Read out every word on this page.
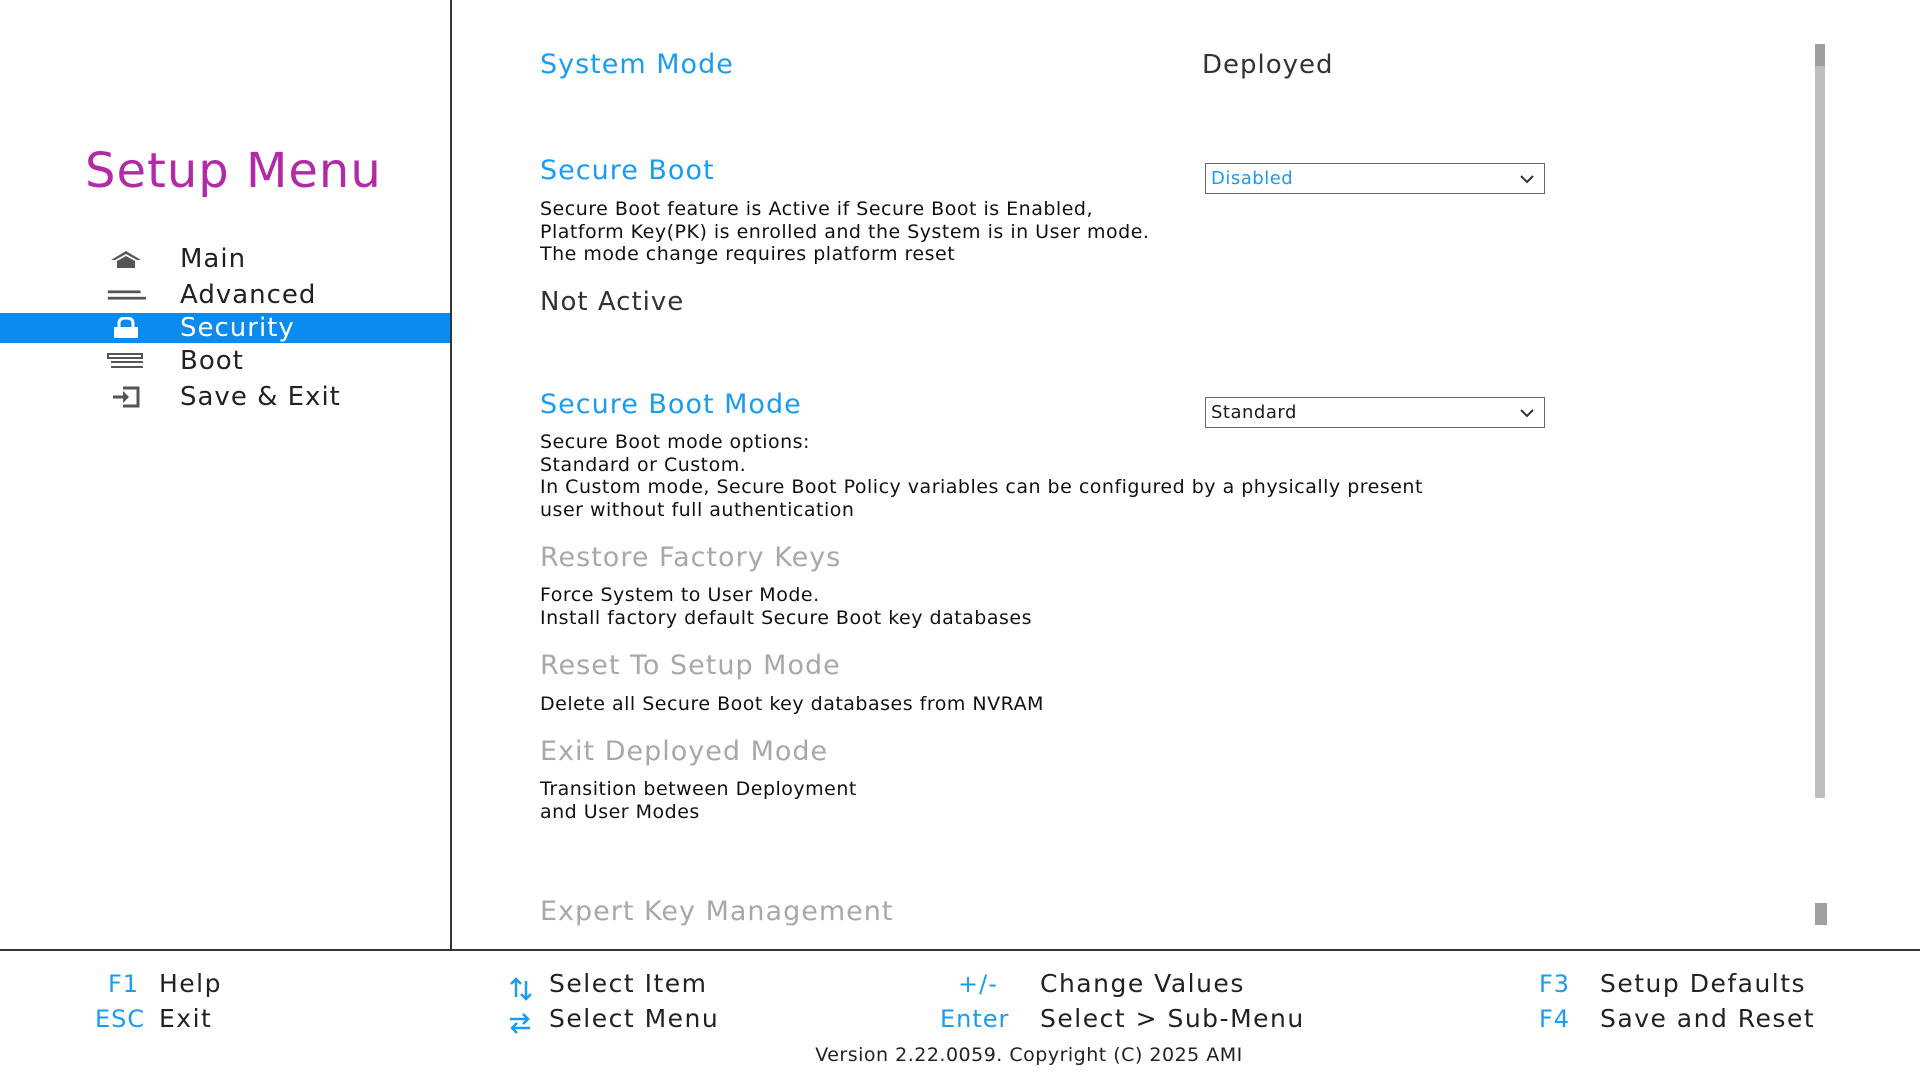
Setup Menu
Main
Advanced
Security
Boot
Save & Exit
System Mode	Deployed
Secure Boot	Disabled
Secure Boot feature is Active if Secure Boot is Enabled,
Platform Key(PK) is enrolled and the System is in User mode.
The mode change requires platform reset
Not Active
Secure Boot Mode	Standard
Secure Boot mode options:
Standard or Custom.
In Custom mode, Secure Boot Policy variables can be configured by a physically present
user without full authentication
Restore Factory Keys
Force System to User Mode.
Install factory default Secure Boot key databases
Reset To Setup Mode
Delete all Secure Boot key databases from NVRAM
Exit Deployed Mode
Transition between Deployment
and User Modes
Expert Key Management
F1 Help
ESC Exit
Select Item
Select Menu
+/- Change Values
Enter Select > Sub-Menu
F3 Setup Defaults
F4 Save and Reset
Version 2.22.0059. Copyright (C) 2025 AMI
